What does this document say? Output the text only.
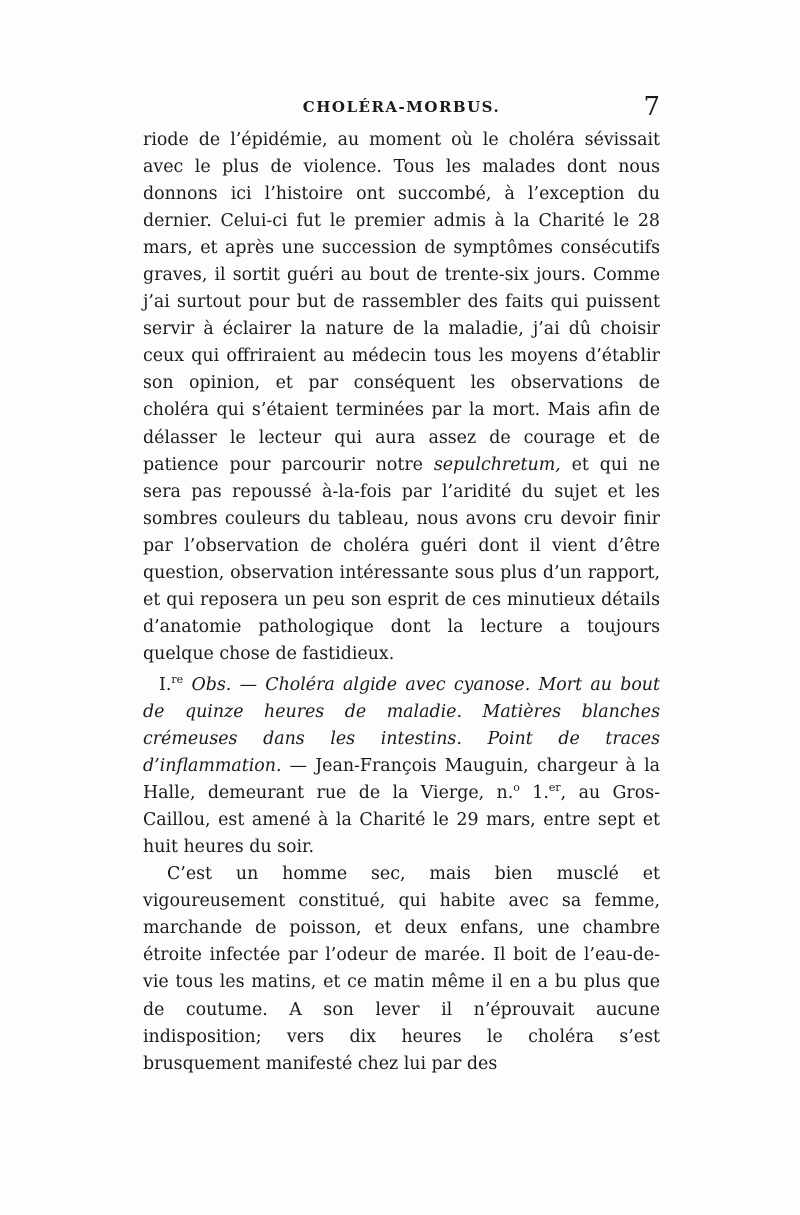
CHOLÉRA-MORBUS.	7

riode de l’épidémie, au moment où le choléra sévissait avec le plus de violence. Tous les malades dont nous donnons ici l’histoire ont succombé, à l’exception du dernier. Celui-ci fut le premier admis à la Charité le 28 mars, et après une succession de symptômes consécutifs graves, il sortit guéri au bout de trente-six jours. Comme j’ai surtout pour but de rassembler des faits qui puissent servir à éclairer la nature de la maladie, j’ai dû choisir ceux qui offriraient au médecin tous les moyens d’établir son opinion, et par conséquent les observations de choléra qui s’étaient terminées par la mort. Mais afin de délasser le lecteur qui aura assez de courage et de patience pour parcourir notre sepulchretum, et qui ne sera pas repoussé à-la-fois par l’aridité du sujet et les sombres couleurs du tableau, nous avons cru devoir finir par l’observation de choléra guéri dont il vient d’être question, observation intéressante sous plus d’un rapport, et qui reposera un peu son esprit de ces minutieux détails d’anatomie pathologique dont la lecture a toujours quelque chose de fastidieux.

I.$^{re}$ Obs. — Choléra algide avec cyanose. Mort au bout de quinze heures de maladie. Matières blanches crémeuses dans les intestins. Point de traces d’inflammation. — Jean-François Mauguin, chargeur à la Halle, demeurant rue de la Vierge, n.$^o$ 1.$^{er}$, au Gros-Caillou, est amené à la Charité le 29 mars, entre sept et huit heures du soir.

C’est un homme sec, mais bien musclé et vigoureusement constitué, qui habite avec sa femme, marchande de poisson, et deux enfans, une chambre étroite infectée par l’odeur de marée. Il boit de l’eau-de-vie tous les matins, et ce matin même il en a bu plus que de coutume. A son lever il n’éprouvait aucune indisposition; vers dix heures le choléra s’est brusquement manifesté chez lui par des
